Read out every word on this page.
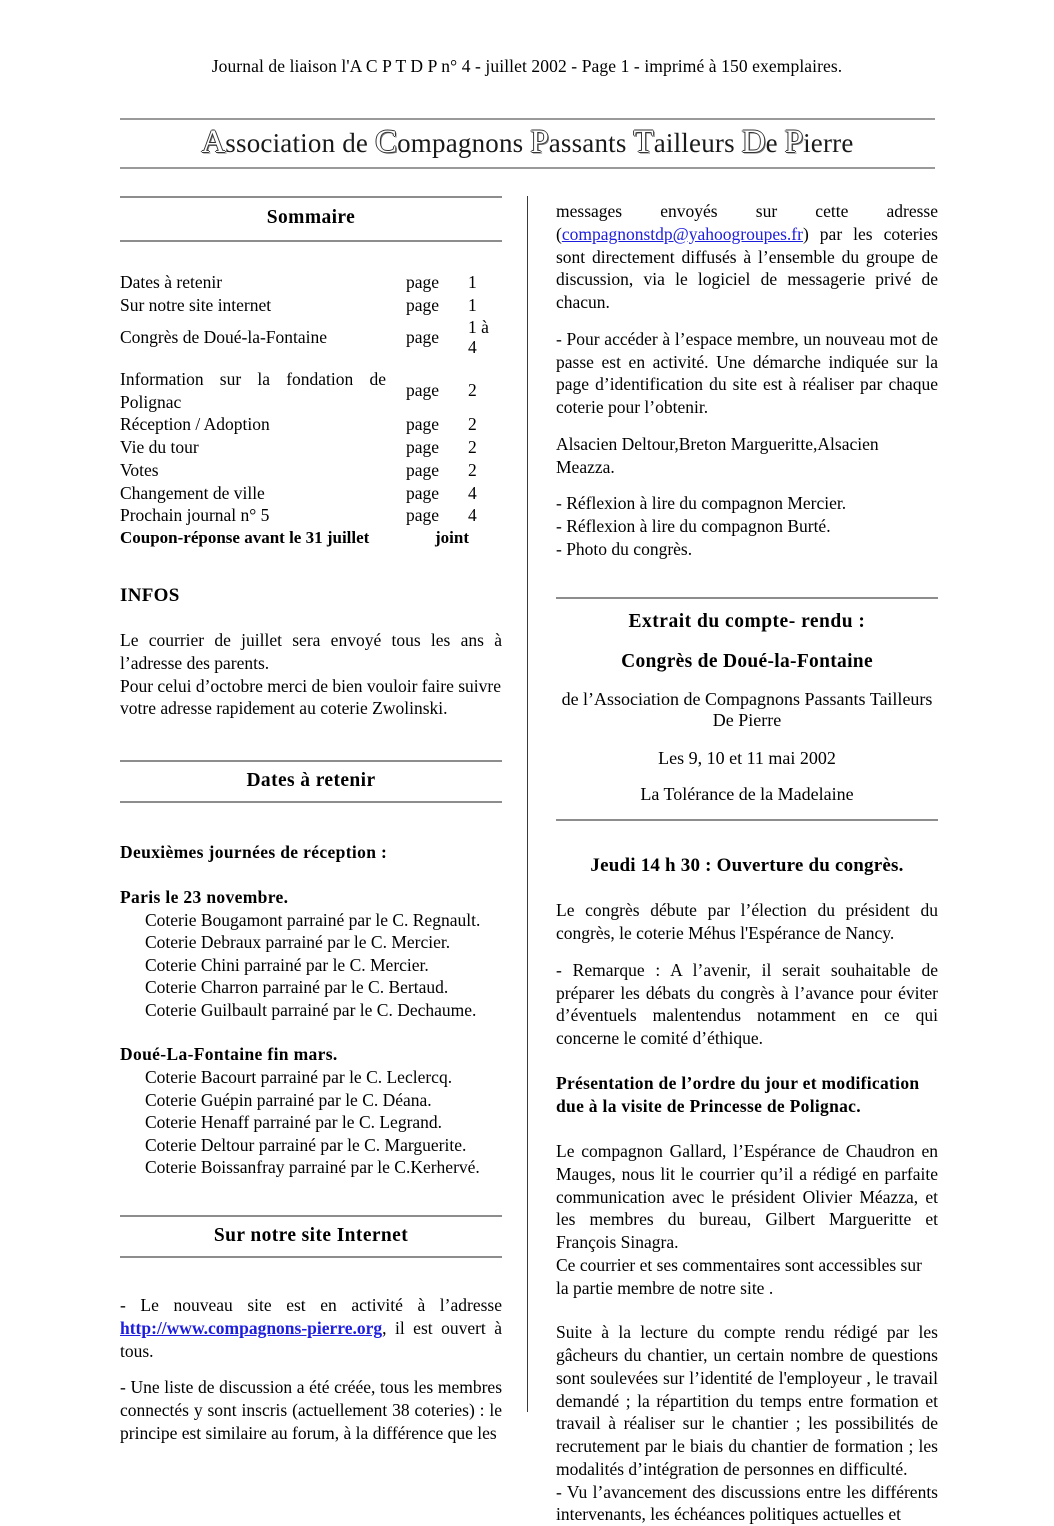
Journal de liaison l'A C P T D P n° 4 - juillet 2002 - Page 1 - imprimé à 150 exemplaires.
Association de Compagnons Passants Tailleurs De Pierre
Sommaire
Dates à retenir	page	1
Sur notre site internet	page	1
Congrès de Doué-la-Fontaine	page	1 à 4

Information sur la fondation de Polignac	page	2
Réception / Adoption	page	2
Vie du tour	page	2
Votes	page	2
Changement de ville	page	4
Prochain journal n° 5	page	4
Coupon-réponse avant le 31 juillet	joint	
INFOS

Le courrier de juillet sera envoyé tous les ans à l’adresse des parents.

Pour celui d’octobre merci de bien vouloir faire suivre votre adresse rapidement au coterie Zwolinski.

Dates à retenir

Deuxièmes journées de réception :

Paris le 23 novembre.

Coterie Bougamont parrainé par le C. Regnault.
Coterie Debraux parrainé par le C. Mercier.
Coterie Chini parrainé par le C. Mercier.
Coterie Charron parrainé par le C. Bertaud.
Coterie Guilbault parrainé par le C. Dechaume.

Doué-La-Fontaine fin mars.

Coterie Bacourt parrainé par le C. Leclercq.
Coterie Guépin parrainé par le C. Déana.
Coterie Henaff parrainé par le C. Legrand.
Coterie Deltour parrainé par le C. Marguerite.
Coterie Boissanfray parrainé par le C.Kerhervé.
Sur notre site Internet

- Le nouveau site est en activité à l’adresse http://www.compagnons-pierre.org, il est ouvert à tous.

- Une liste de discussion a été créée, tous les membres connectés y sont inscris (actuellement 38 coteries) : le principe est similaire au forum, à la différence que les

messages envoyés sur cette adresse (compagnonstdp@yahoogroupes.fr) par les coteries sont directement diffusés à l’ensemble du groupe de discussion, via le logiciel de messagerie privé de chacun.

- Pour accéder à l’espace membre, un nouveau mot de passe est en activité. Une démarche indiquée sur la page d’identification du site est à réaliser par chaque coterie pour l’obtenir.

Alsacien Deltour,Breton Margueritte,Alsacien Meazza.

- Réflexion à lire du compagnon Mercier.

- Réflexion à lire du compagnon Burté.

- Photo du congrès.

Extrait du compte- rendu :
Congrès de Doué-la-Fontaine
de l’Association de Compagnons Passants Tailleurs De Pierre
Les 9, 10 et 11 mai 2002
La Tolérance de la Madelaine

Jeudi 14 h 30 : Ouverture du congrès.

Le congrès débute par l’élection du président du congrès, le coterie Méhus l'Espérance de Nancy.

- Remarque : A l’avenir, il serait souhaitable de préparer les débats du congrès à l’avance pour éviter d’éventuels malentendus notamment en ce qui concerne le comité d’éthique.

Présentation de l’ordre du jour et modification due à la visite de Princesse de Polignac.

Le compagnon Gallard, l’Espérance de Chaudron en Mauges, nous lit le courrier qu’il a rédigé en parfaite communication avec le président Olivier Méazza, et les membres du bureau, Gilbert Margueritte et François Sinagra.

Ce courrier et ses commentaires sont accessibles sur la partie membre de notre site .

Suite à la lecture du compte rendu rédigé par les gâcheurs du chantier, un certain nombre de questions sont soulevées sur l’identité de l'employeur , le travail demandé ; la répartition du temps entre formation et travail à réaliser sur le chantier ; les possibilités de recrutement par le biais du chantier de formation ; les modalités d’intégration de personnes en difficulté.

- Vu l’avancement des discussions entre les différents intervenants, les échéances politiques actuelles et
